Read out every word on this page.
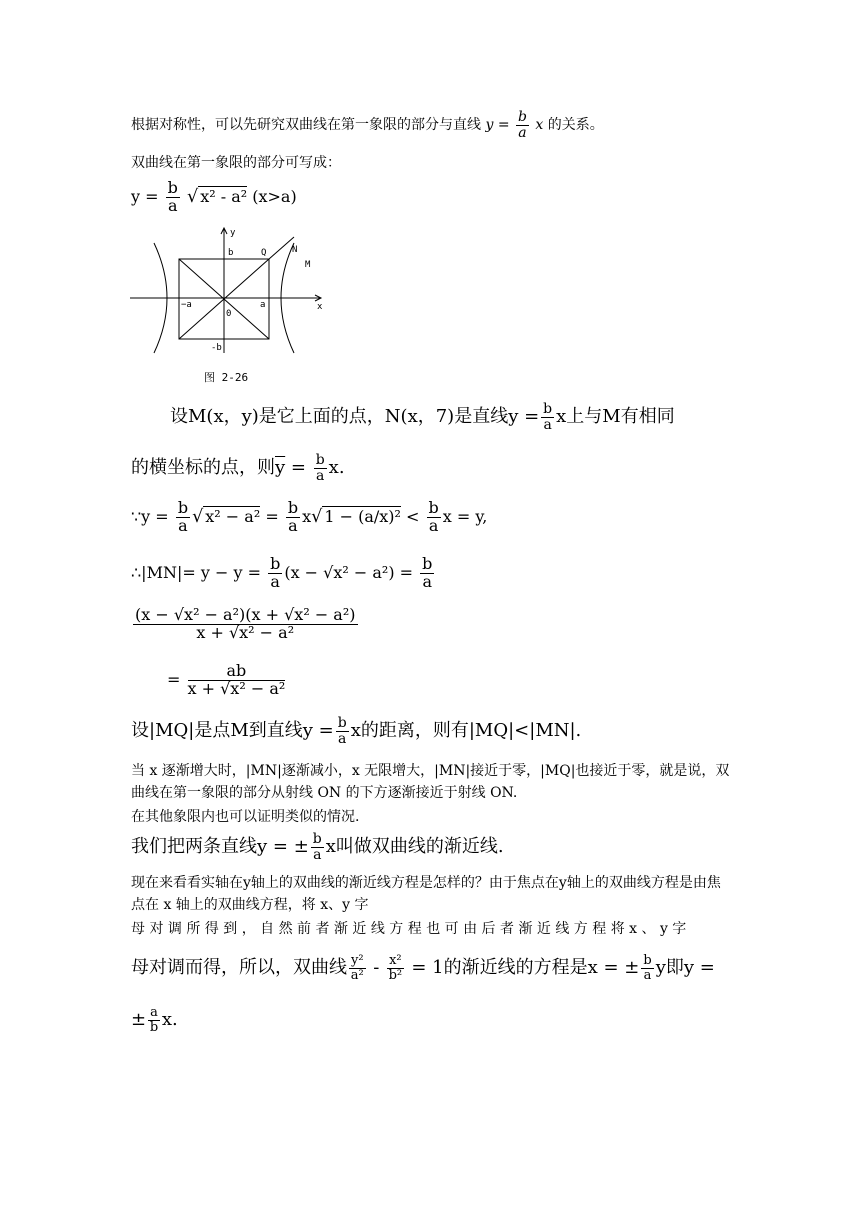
根据对称性，可以先研究双曲线在第一象限的部分与直线 $y = \frac{b}{a}$ x 的关系。
双曲线在第一象限的部分可写成：
$y = \frac{b}{a}$ √ x² - a² (x>a)
y
x
b	Q	N
M
−a	a
0
-b
图 2-26
设M(x，y)是它上面的点，N(x，7)是直线$y = \frac{b}{a}$ x上与M有相同
的横坐标的点，则$\overline{y} = \frac{b}{a} x$.
∵y = $\frac{b}{a}$ √ $x^2 - a^2 = \frac{b}{a} x√$ $1 - (a/x)^2 < \frac{b}{a}$ x = y,
∴|MN|= $y - y = \frac{b}{a} (x - √x^2 - a^2) = \frac{b}{a}$
$\frac{\text{(x − √x² − a²)(x + √x² − a²)}}{\text{x + √x² − a²}}$
= $\frac{ab}{\text{x + √x² − a²}}$
设|MQ|是点M到直线$y = \frac{b}{a}$ x的距离，则有|MQ|<|MN|.
当 x 逐渐增大时，|MN|逐渐减小，x 无限增大，|MN|接近于零，|MQ|也接近于零，就是说，双曲线在第一象限的部分从射线 ON 的下方逐渐接近于射线 ON.
在其他象限内也可以证明类似的情况.
我们把两条直线y = ± $\frac{b}{a}$ x叫做双曲线的渐近线.
现在来看看实轴在y轴上的双曲线的渐近线方程是怎样的？由于焦点在y轴上的双曲线方程是由焦点在 x 轴上的双曲线方程，将 x、y 字
母 对 调 所 得 到 ， 自 然 前 者 渐 近 线 方 程 也 可 由 后 者 渐 近 线 方 程 将 x 、 y 字
母对调而得，所以，双曲线 $\frac{\text{y²}}{\text{a²}} - \frac{\text{x²}}{\text{b²}} = 1$的渐近线的方程是x = ± $\frac{b}{a}$ y即y =
± $\frac{a}{b} x$.
